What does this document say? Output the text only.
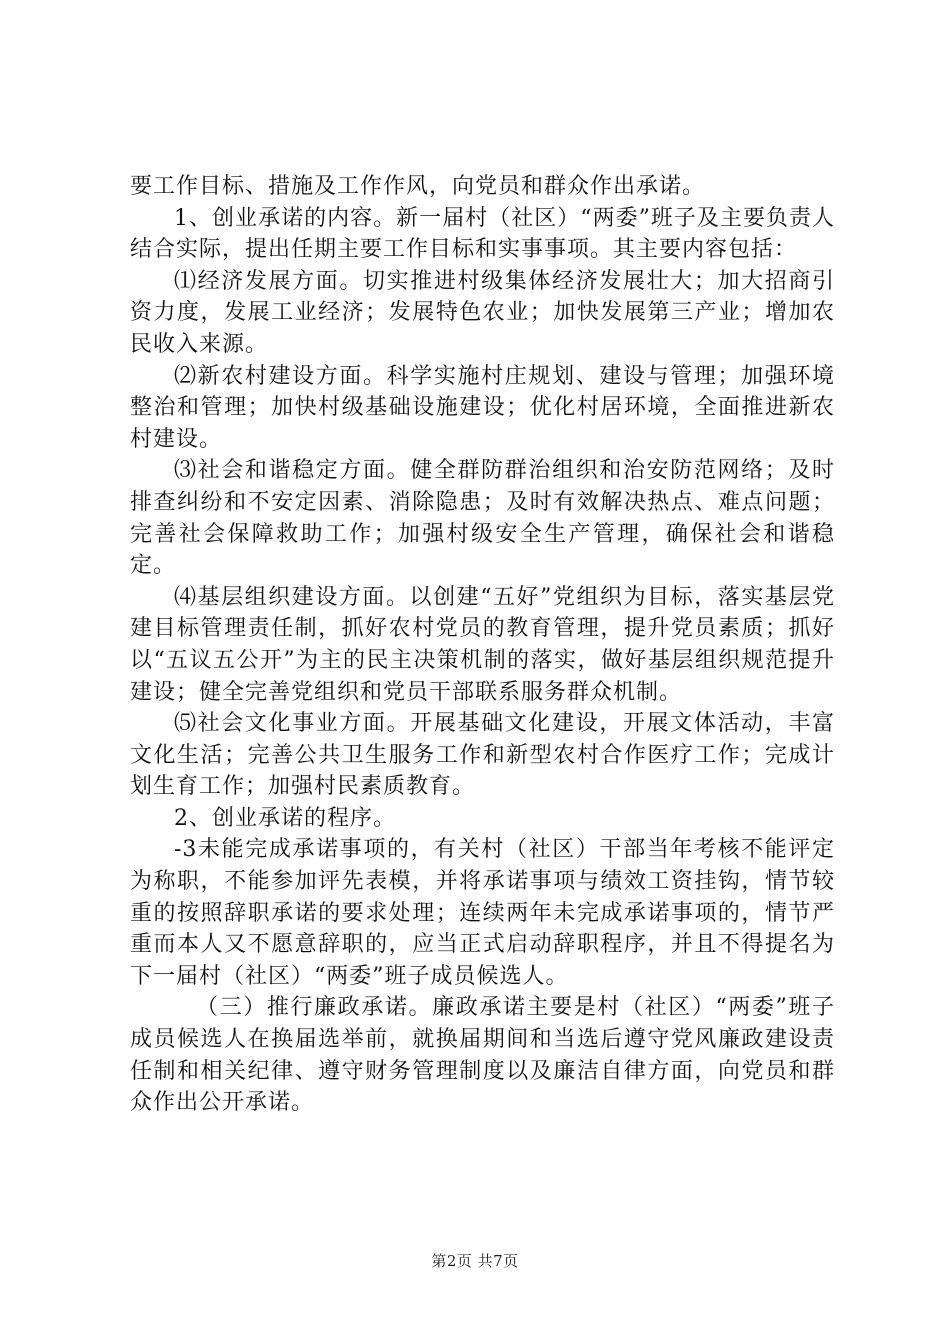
要工作目标、措施及工作作风，向党员和群众作出承诺。

1、创业承诺的内容。新一届村（社区）“两委”班子及主要负责人结合实际，提出任期主要工作目标和实事事项。其主要内容包括：

⑴经济发展方面。切实推进村级集体经济发展壮大；加大招商引资力度，发展工业经济；发展特色农业；加快发展第三产业；增加农民收入来源。

⑵新农村建设方面。科学实施村庄规划、建设与管理；加强环境整治和管理；加快村级基础设施建设；优化村居环境，全面推进新农村建设。

⑶社会和谐稳定方面。健全群防群治组织和治安防范网络；及时排查纠纷和不安定因素、消除隐患；及时有效解决热点、难点问题；完善社会保障救助工作；加强村级安全生产管理，确保社会和谐稳定。

⑷基层组织建设方面。以创建“五好”党组织为目标，落实基层党建目标管理责任制，抓好农村党员的教育管理，提升党员素质；抓好以“五议五公开”为主的民主决策机制的落实，做好基层组织规范提升建设；健全完善党组织和党员干部联系服务群众机制。

⑸社会文化事业方面。开展基础文化建设，开展文体活动，丰富文化生活；完善公共卫生服务工作和新型农村合作医疗工作；完成计划生育工作；加强村民素质教育。

2、创业承诺的程序。

-3未能完成承诺事项的，有关村（社区）干部当年考核不能评定为称职，不能参加评先表模，并将承诺事项与绩效工资挂钩，情节较重的按照辞职承诺的要求处理；连续两年未完成承诺事项的，情节严重而本人又不愿意辞职的，应当正式启动辞职程序，并且不得提名为下一届村（社区）“两委”班子成员候选人。

（三）推行廉政承诺。廉政承诺主要是村（社区）“两委”班子成员候选人在换届选举前，就换届期间和当选后遵守党风廉政建设责任制和相关纪律、遵守财务管理制度以及廉洁自律方面，向党员和群众作出公开承诺。

第2页 共7页
